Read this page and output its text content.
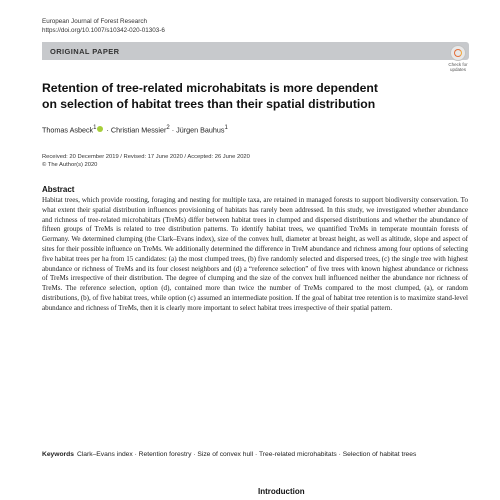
European Journal of Forest Research
https://doi.org/10.1007/s10342-020-01303-6
ORIGINAL PAPER
Check for
updates
Retention of tree-related microhabitats is more dependent on selection of habitat trees than their spatial distribution
Thomas Asbeck$^1$ · Christian Messier$^2$ · Jürgen Bauhus$^1$
Received: 20 December 2019 / Revised: 17 June 2020 / Accepted: 26 June 2020
© The Author(s) 2020
Abstract
Habitat trees, which provide roosting, foraging and nesting for multiple taxa, are retained in managed forests to support biodiversity conservation. To what extent their spatial distribution influences provisioning of habitats has rarely been addressed. In this study, we investigated whether abundance and richness of tree-related microhabitats (TreMs) differ between habitat trees in clumped and dispersed distributions and whether the abundance of fifteen groups of TreMs is related to tree distribution patterns. To identify habitat trees, we quantified TreMs in temperate mountain forests of Germany. We determined clumping (the Clark–Evans index), size of the convex hull, diameter at breast height, as well as altitude, slope and aspect of sites for their possible influence on TreMs. We additionally determined the difference in TreM abundance and richness among four options of selecting five habitat trees per ha from 15 candidates: (a) the most clumped trees, (b) five randomly selected and dispersed trees, (c) the single tree with highest abundance or richness of TreMs and its four closest neighbors and (d) a “reference selection” of five trees with known highest abundance or richness of TreMs irrespective of their distribution. The degree of clumping and the size of the convex hull influenced neither the abundance nor richness of TreMs. The reference selection, option (d), contained more than twice the number of TreMs compared to the most clumped, (a), or random distributions, (b), of five habitat trees, while option (c) assumed an intermediate position. If the goal of habitat tree retention is to maximize stand-level abundance and richness of TreMs, then it is clearly more important to select habitat trees irrespective of their spatial pattern.
Keywords Clark–Evans index · Retention forestry · Size of convex hull · Tree-related microhabitats · Selection of habitat trees
Introduction
